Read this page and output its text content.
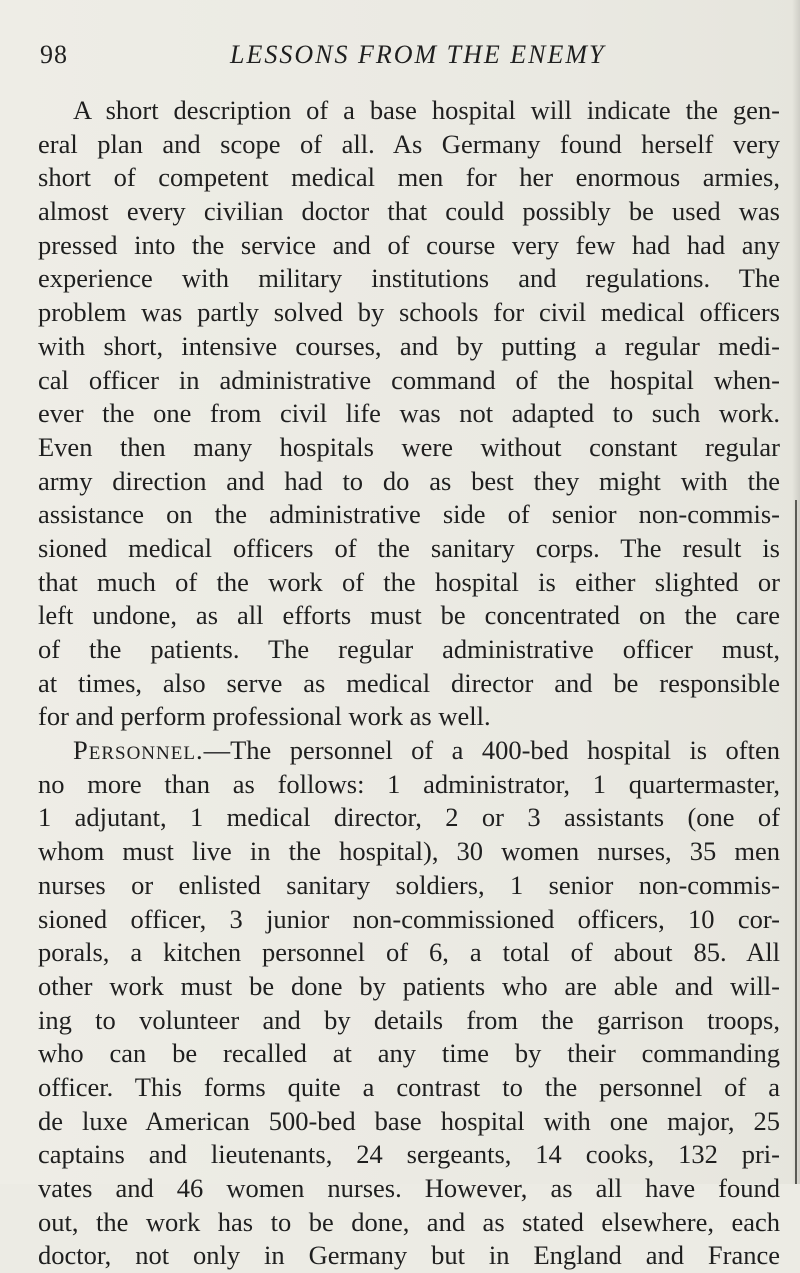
98	LESSONS FROM THE ENEMY
A short description of a base hospital will indicate the gen-
eral plan and scope of all. As Germany found herself very
short of competent medical men for her enormous armies,
almost every civilian doctor that could possibly be used was
pressed into the service and of course very few had had any
experience with military institutions and regulations. The
problem was partly solved by schools for civil medical officers
with short, intensive courses, and by putting a regular medi-
cal officer in administrative command of the hospital when-
ever the one from civil life was not adapted to such work.
Even then many hospitals were without constant regular
army direction and had to do as best they might with the
assistance on the administrative side of senior non-commis-
sioned medical officers of the sanitary corps. The result is
that much of the work of the hospital is either slighted or
left undone, as all efforts must be concentrated on the care
of the patients. The regular administrative officer must,
at times, also serve as medical director and be responsible
for and perform professional work as well.
Personnel.—The personnel of a 400-bed hospital is often
no more than as follows: 1 administrator, 1 quartermaster,
1 adjutant, 1 medical director, 2 or 3 assistants (one of
whom must live in the hospital), 30 women nurses, 35 men
nurses or enlisted sanitary soldiers, 1 senior non-commis-
sioned officer, 3 junior non-commissioned officers, 10 cor-
porals, a kitchen personnel of 6, a total of about 85. All
other work must be done by patients who are able and will-
ing to volunteer and by details from the garrison troops,
who can be recalled at any time by their commanding
officer. This forms quite a contrast to the personnel of a
de luxe American 500-bed base hospital with one major, 25
captains and lieutenants, 24 sergeants, 14 cooks, 132 pri-
vates and 46 women nurses. However, as all have found
out, the work has to be done, and as stated elsewhere, each
doctor, not only in Germany but in England and France
